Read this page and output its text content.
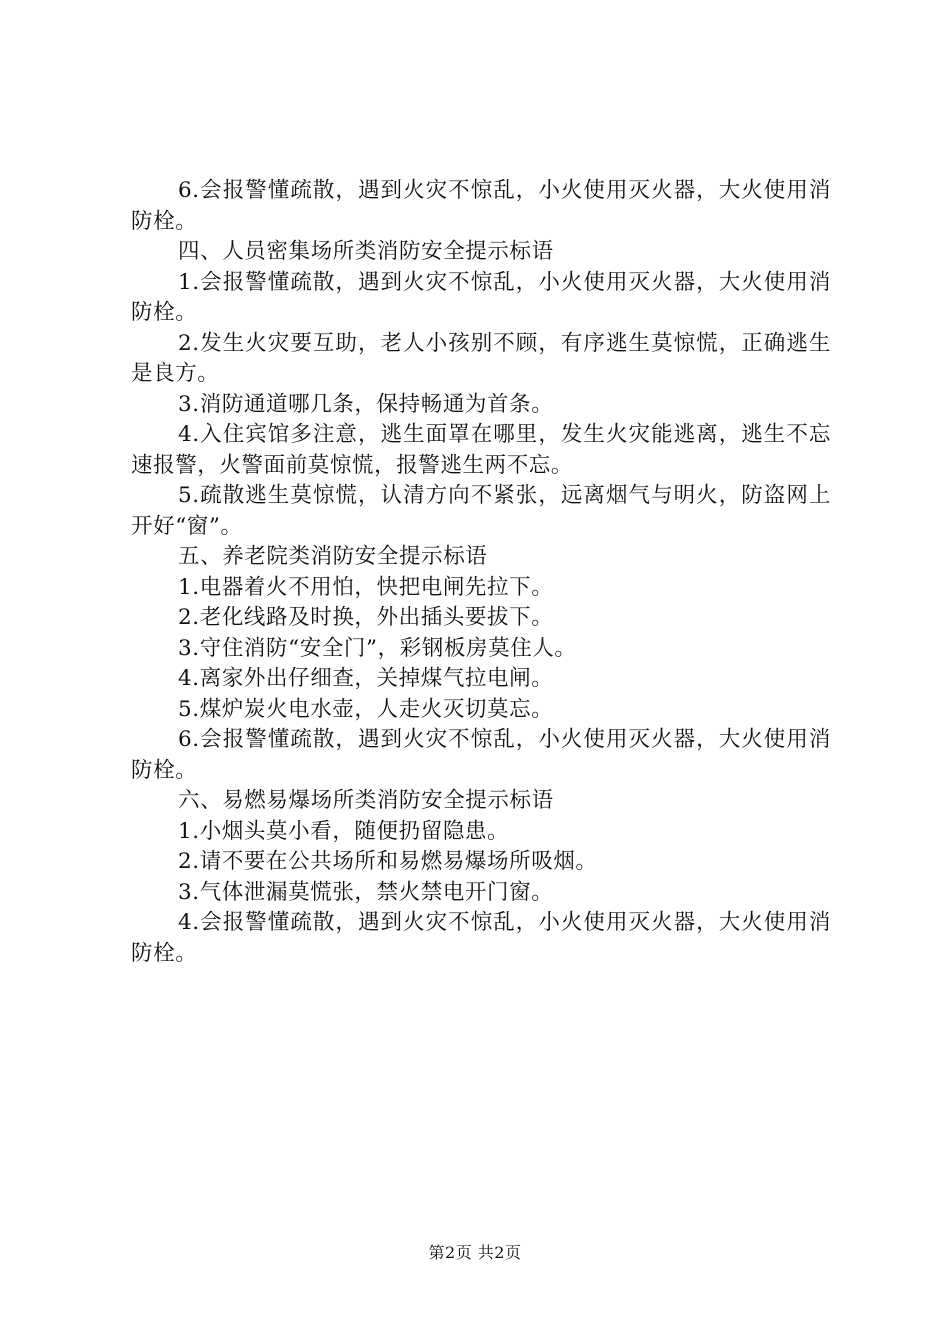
6.会报警懂疏散，遇到火灾不惊乱，小火使用灭火器，大火使用消防栓。

四、人员密集场所类消防安全提示标语

1.会报警懂疏散，遇到火灾不惊乱，小火使用灭火器，大火使用消防栓。

2.发生火灾要互助，老人小孩别不顾，有序逃生莫惊慌，正确逃生是良方。

3.消防通道哪几条，保持畅通为首条。

4.入住宾馆多注意，逃生面罩在哪里，发生火灾能逃离，逃生不忘速报警，火警面前莫惊慌，报警逃生两不忘。

5.疏散逃生莫惊慌，认清方向不紧张，远离烟气与明火，防盗网上开好“窗”。

五、养老院类消防安全提示标语

1.电器着火不用怕，快把电闸先拉下。

2.老化线路及时换，外出插头要拔下。

3.守住消防“安全门”，彩钢板房莫住人。

4.离家外出仔细查，关掉煤气拉电闸。

5.煤炉炭火电水壶，人走火灭切莫忘。

6.会报警懂疏散，遇到火灾不惊乱，小火使用灭火器，大火使用消防栓。

六、易燃易爆场所类消防安全提示标语

1.小烟头莫小看，随便扔留隐患。

2.请不要在公共场所和易燃易爆场所吸烟。

3.气体泄漏莫慌张，禁火禁电开门窗。

4.会报警懂疏散，遇到火灾不惊乱，小火使用灭火器，大火使用消防栓。

第2页 共2页
